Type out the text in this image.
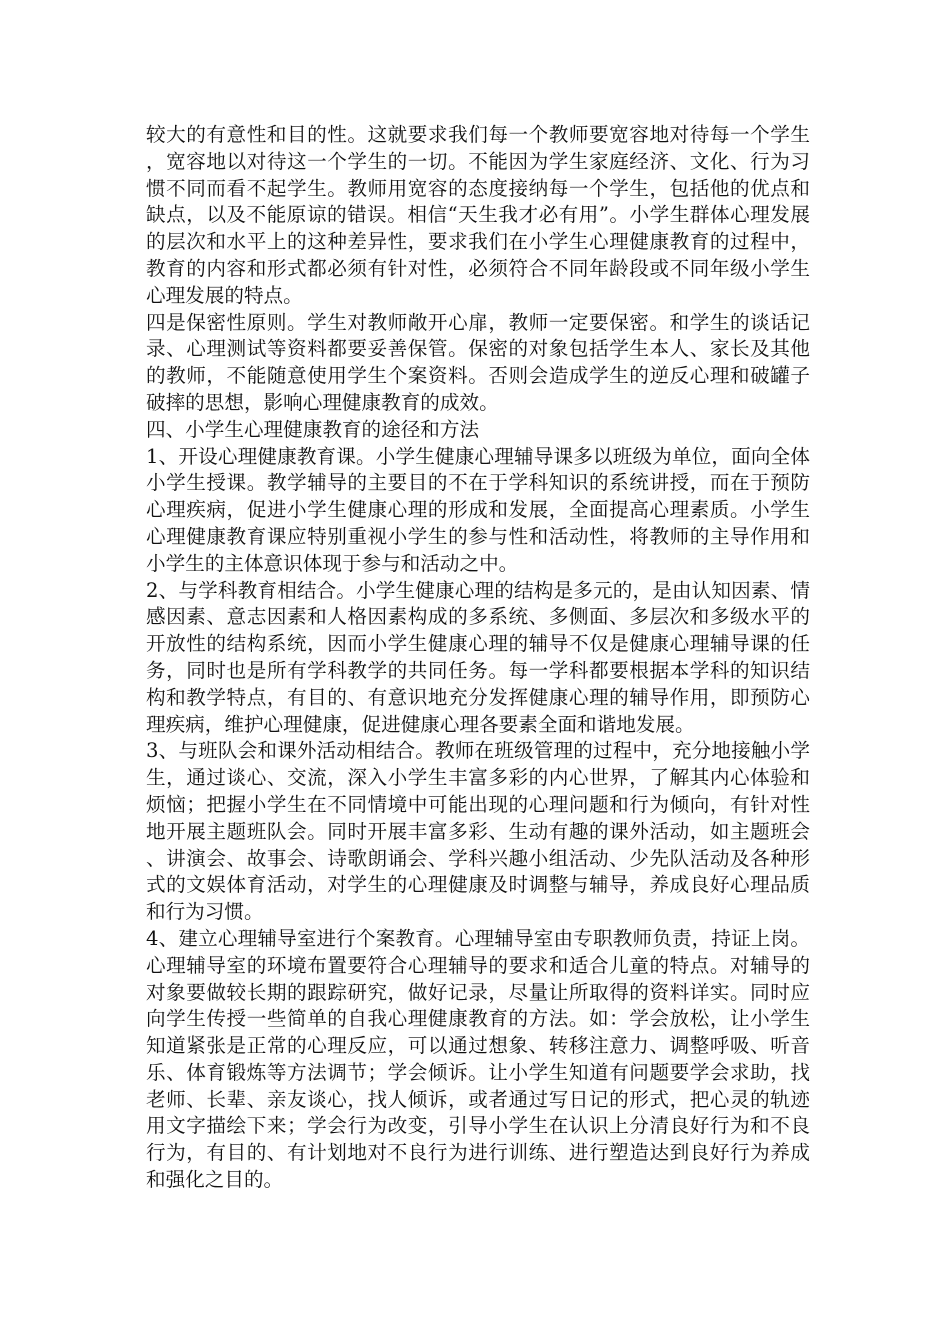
较大的有意性和目的性。这就要求我们每一个教师要宽容地对待每一个学生，宽容地以对待这一个学生的一切。不能因为学生家庭经济、文化、行为习惯不同而看不起学生。教师用宽容的态度接纳每一个学生，包括他的优点和缺点，以及不能原谅的错误。相信“天生我才必有用”。小学生群体心理发展的层次和水平上的这种差异性，要求我们在小学生心理健康教育的过程中，教育的内容和形式都必须有针对性，必须符合不同年龄段或不同年级小学生心理发展的特点。

四是保密性原则。学生对教师敞开心扉，教师一定要保密。和学生的谈话记录、心理测试等资料都要妥善保管。保密的对象包括学生本人、家长及其他的教师，不能随意使用学生个案资料。否则会造成学生的逆反心理和破罐子破摔的思想，影响心理健康教育的成效。

四、小学生心理健康教育的途径和方法

1、开设心理健康教育课。小学生健康心理辅导课多以班级为单位，面向全体小学生授课。教学辅导的主要目的不在于学科知识的系统讲授，而在于预防心理疾病，促进小学生健康心理的形成和发展，全面提高心理素质。小学生心理健康教育课应特别重视小学生的参与性和活动性，将教师的主导作用和小学生的主体意识体现于参与和活动之中。

2、与学科教育相结合。小学生健康心理的结构是多元的，是由认知因素、情感因素、意志因素和人格因素构成的多系统、多侧面、多层次和多级水平的开放性的结构系统，因而小学生健康心理的辅导不仅是健康心理辅导课的任务，同时也是所有学科教学的共同任务。每一学科都要根据本学科的知识结构和教学特点，有目的、有意识地充分发挥健康心理的辅导作用，即预防心理疾病，维护心理健康，促进健康心理各要素全面和谐地发展。

3、与班队会和课外活动相结合。教师在班级管理的过程中，充分地接触小学生，通过谈心、交流，深入小学生丰富多彩的内心世界，了解其内心体验和烦恼；把握小学生在不同情境中可能出现的心理问题和行为倾向，有针对性地开展主题班队会。同时开展丰富多彩、生动有趣的课外活动，如主题班会、讲演会、故事会、诗歌朗诵会、学科兴趣小组活动、少先队活动及各种形式的文娱体育活动，对学生的心理健康及时调整与辅导，养成良好心理品质和行为习惯。

4、建立心理辅导室进行个案教育。心理辅导室由专职教师负责，持证上岗。心理辅导室的环境布置要符合心理辅导的要求和适合儿童的特点。对辅导的对象要做较长期的跟踪研究，做好记录，尽量让所取得的资料详实。同时应向学生传授一些简单的自我心理健康教育的方法。如：学会放松，让小学生知道紧张是正常的心理反应，可以通过想象、转移注意力、调整呼吸、听音乐、体育锻炼等方法调节；学会倾诉。让小学生知道有问题要学会求助，找老师、长辈、亲友谈心，找人倾诉，或者通过写日记的形式，把心灵的轨迹用文字描绘下来；学会行为改变，引导小学生在认识上分清良好行为和不良行为，有目的、有计划地对不良行为进行训练、进行塑造达到良好行为养成和强化之目的。
